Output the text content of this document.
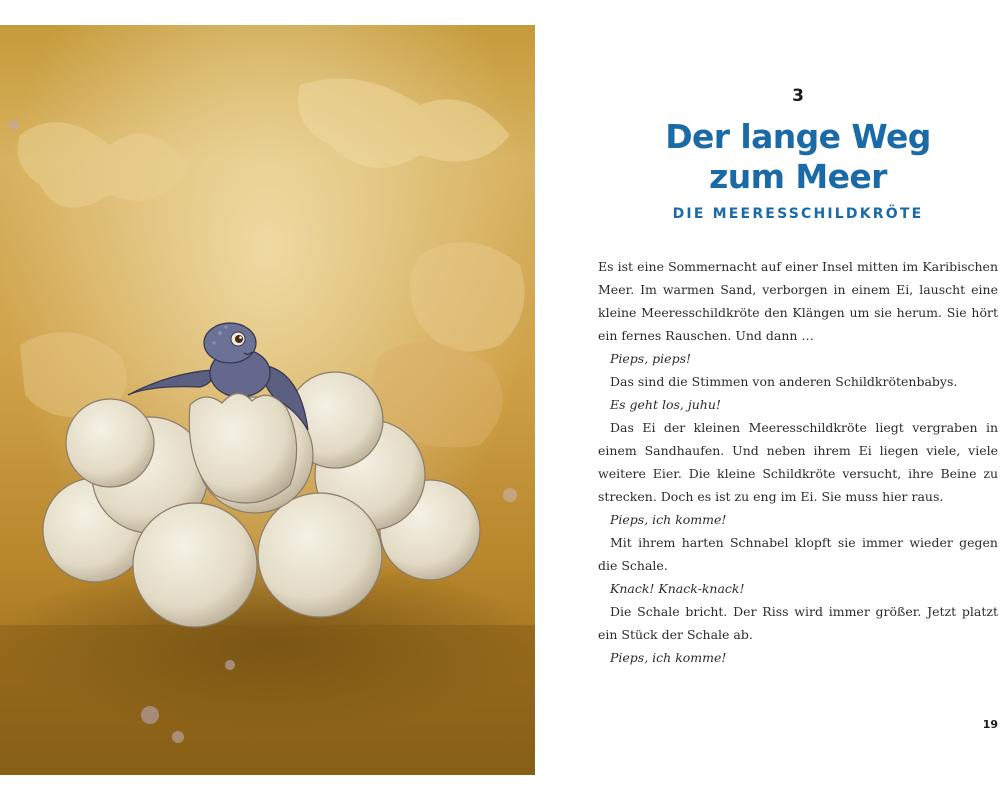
3
Der lange Weg
zum Meer
DIE MEERESSCHILDKRÖTE

Es ist eine Sommernacht auf einer Insel mitten im Karibischen Meer. Im warmen Sand, verborgen in einem Ei, lauscht eine kleine Meeresschildkröte den Klängen um sie herum. Sie hört ein fernes Rauschen. Und dann …

Pieps, pieps!

Das sind die Stimmen von anderen Schildkrötenbabys.

Es geht los, juhu!

Das Ei der kleinen Meeresschildkröte liegt vergraben in einem Sandhaufen. Und neben ihrem Ei liegen viele, viele weitere Eier. Die kleine Schildkröte versucht, ihre Beine zu strecken. Doch es ist zu eng im Ei. Sie muss hier raus.

Pieps, ich komme!

Mit ihrem harten Schnabel klopft sie immer wieder gegen die Schale.

Knack! Knack-knack!

Die Schale bricht. Der Riss wird immer größer. Jetzt platzt ein Stück der Schale ab.

Pieps, ich komme!

19
